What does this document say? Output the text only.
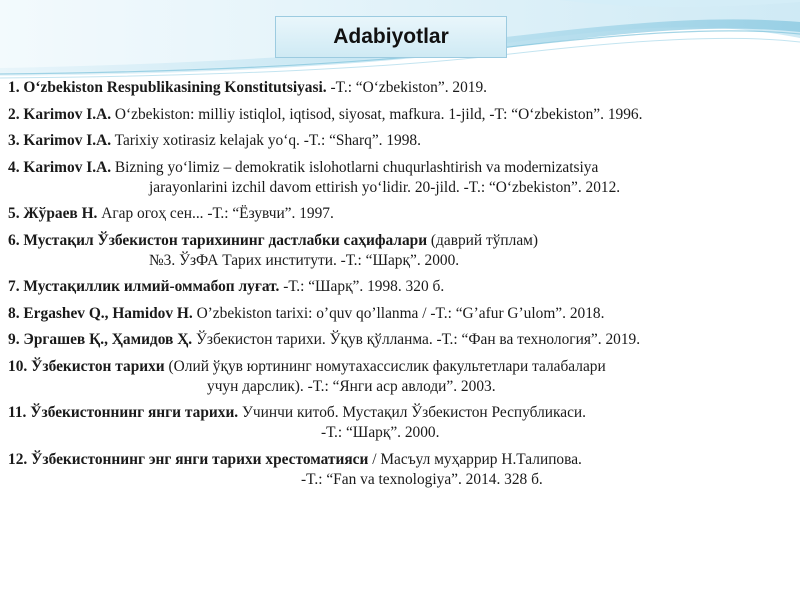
Adabiyotlar

1. O‘zbekiston Respublikasining Konstitutsiyasi. -T.: “O‘zbekiston”. 2019.

2. Karimov I.A. O‘zbekiston: milliy istiqlol, iqtisod, siyosat, mafkura. 1-jild, -T: “O‘zbekiston”. 1996.

3. Karimov I.A. Tarixiy xotirasiz kelajak yo‘q. -T.: “Sharq”. 1998.

4. Karimov I.A. Bizning yo‘limiz – demokratik islohotlarni chuqurlashtirish va modernizatsiya
jarayonlarini izchil davom ettirish yo‘lidir. 20-jild. -T.: “O‘zbekiston”. 2012.

5. Жўраев Н. Агар огоҳ сен... -Т.: “Ёзувчи”. 1997.

6. Мустақил Ўзбекистон тарихининг дастлабки саҳифалари (даврий тўплам)
№3. ЎзФА Тарих институти. -Т.: “Шарқ”. 2000.

7. Мустақиллик илмий-оммабоп луғат. -Т.: “Шарқ”. 1998. 320 б.

8. Ergashev Q., Hamidov H. O’zbekiston tarixi: o’quv qo’llanma / -T.: “G’afur G’ulom”. 2018.

9. Эргашев Қ., Ҳамидов Ҳ. Ўзбекистон тарихи. Ўқув қўлланма. -Т.: “Фан ва технология”. 2019.

10. Ўзбекистон тарихи (Олий ўқув юртининг номутахассислик факультетлари талабалари
учун дарслик). -Т.: “Янги аср авлоди”. 2003.

11. Ўзбекистоннинг янги тарихи. Учинчи китоб. Мустақил Ўзбекистон Республикаси.
-Т.: “Шарқ”. 2000.

12. Ўзбекистоннинг энг янги тарихи хрестоматияси / Масъул муҳаррир Н.Талипова.
-T.: “Fan va texnologiya”. 2014. 328 б.
